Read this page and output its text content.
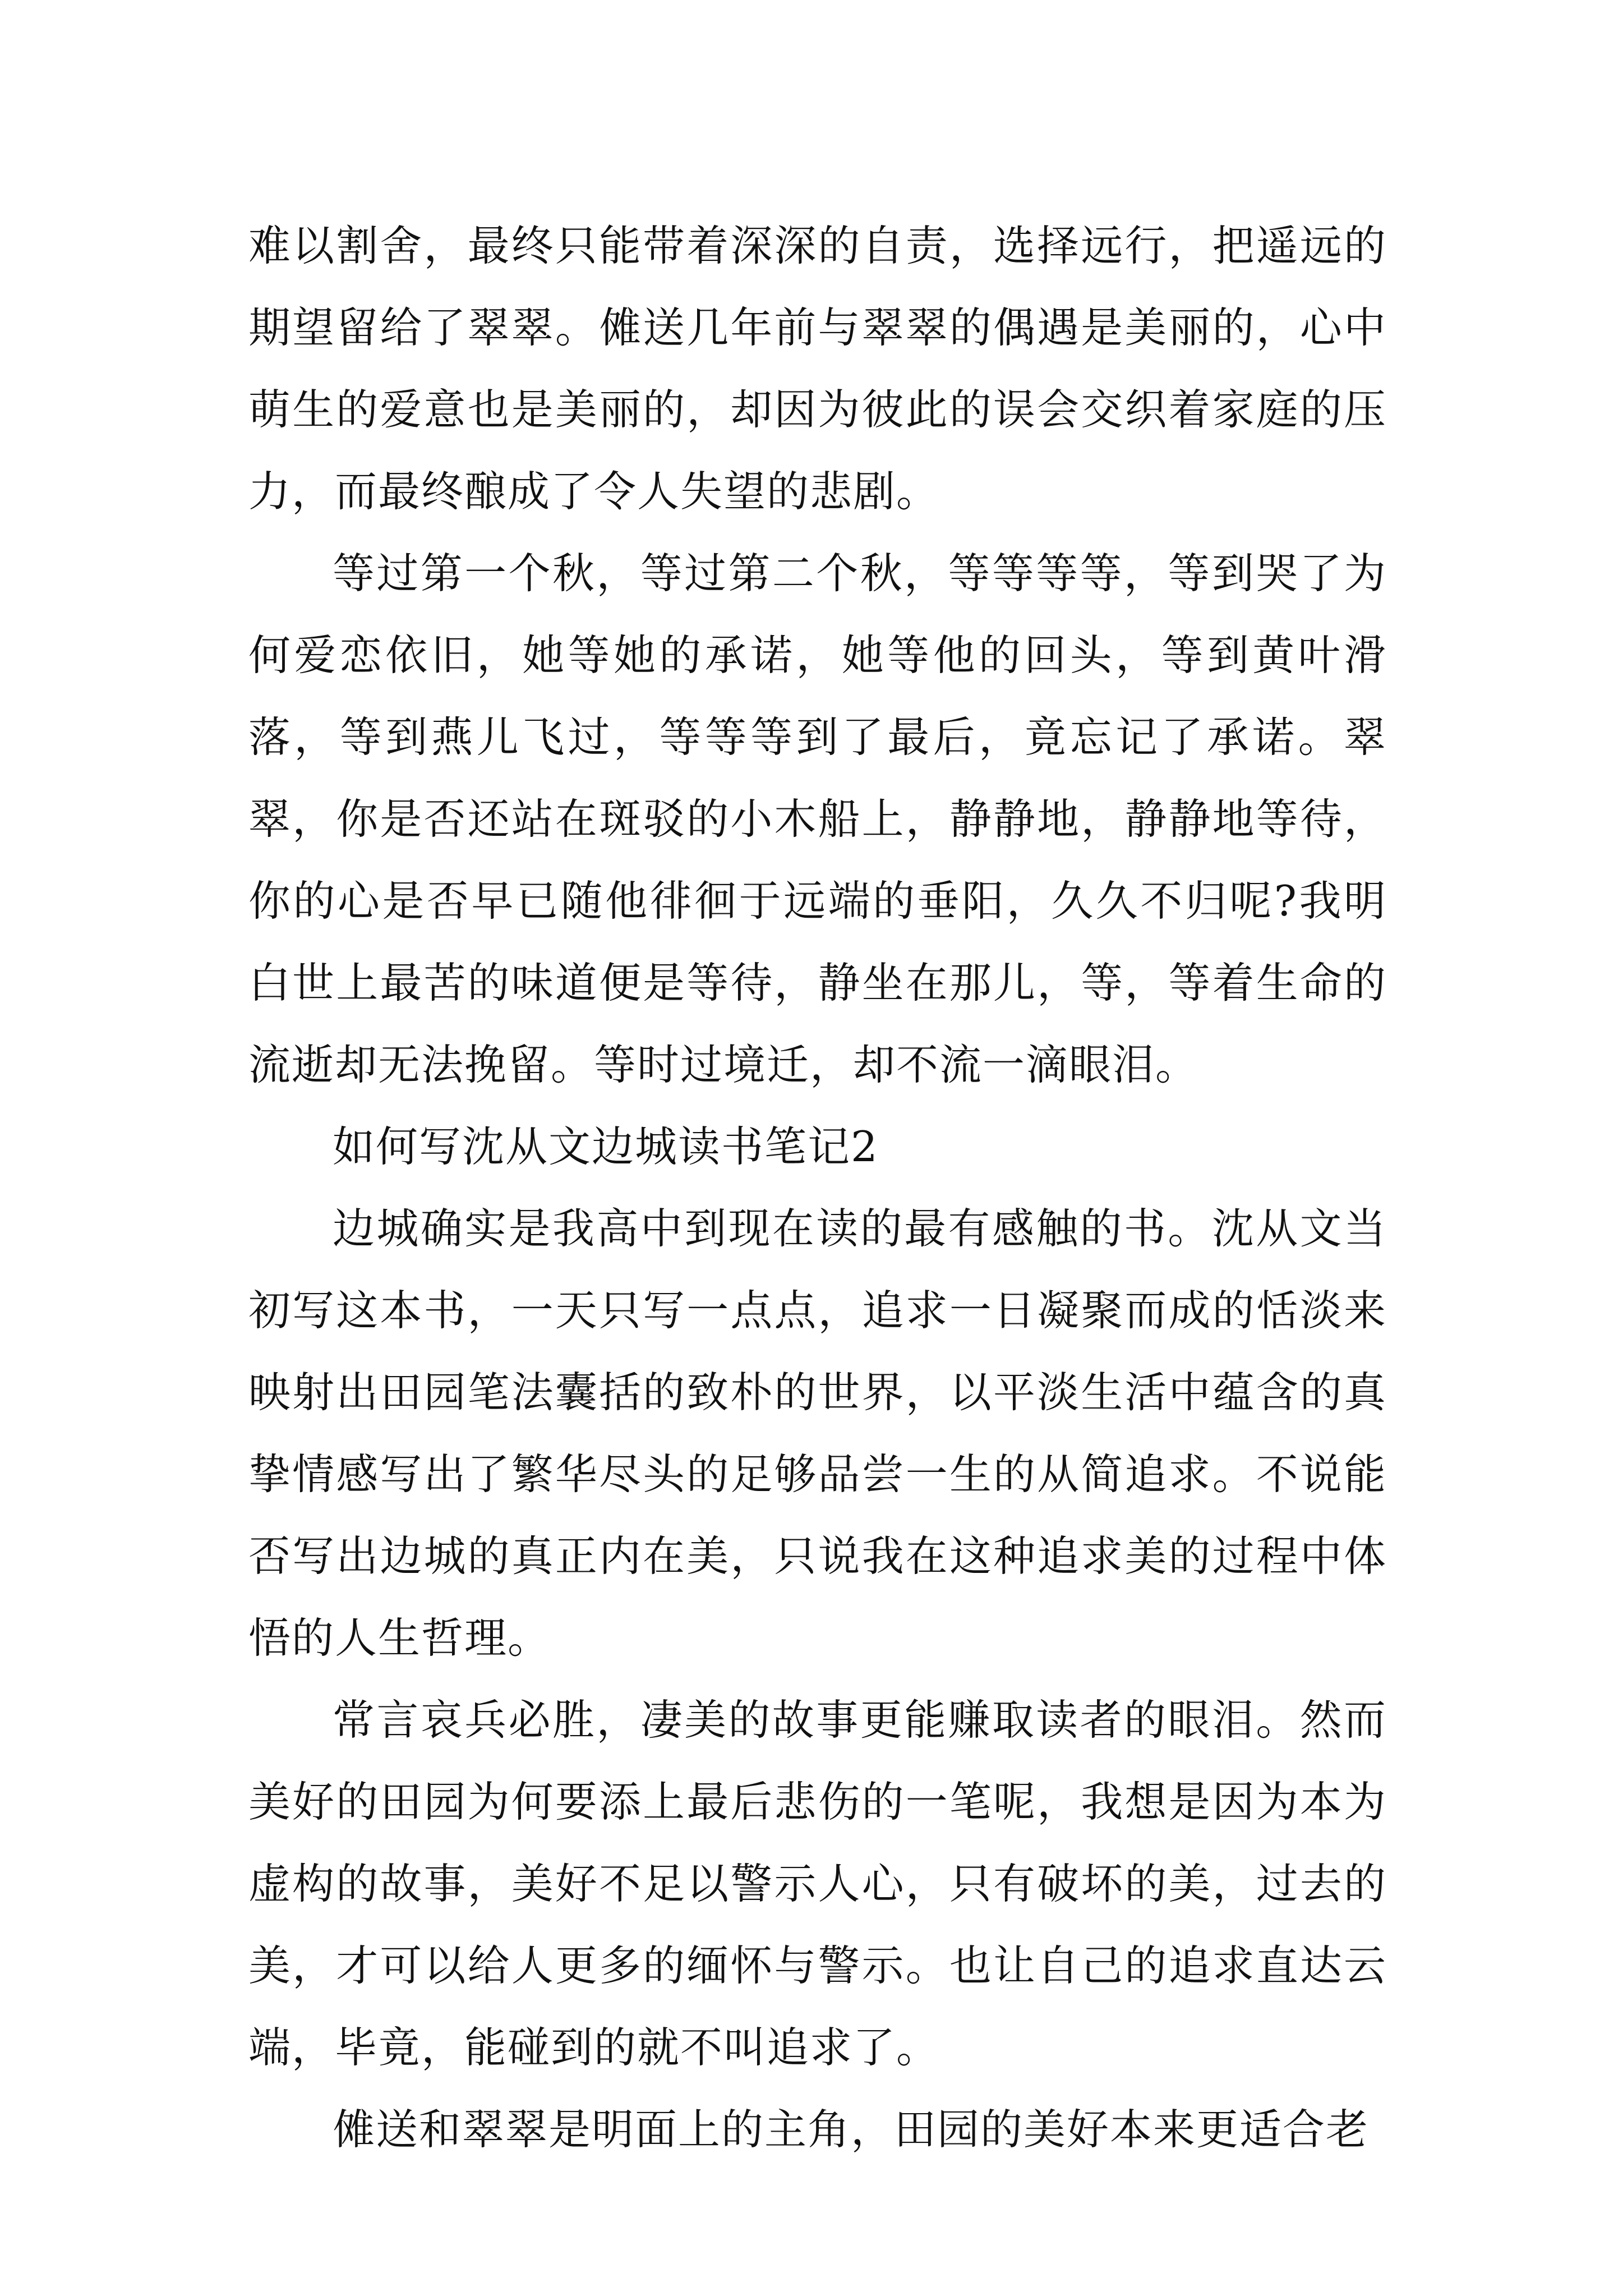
难以割舍，最终只能带着深深的自责，选择远行，把遥远的期望留给了翠翠。傩送几年前与翠翠的偶遇是美丽的，心中萌生的爱意也是美丽的，却因为彼此的误会交织着家庭的压力，而最终酿成了令人失望的悲剧。

等过第一个秋，等过第二个秋，等等等等，等到哭了为何爱恋依旧，她等她的承诺，她等他的回头，等到黄叶滑落，等到燕儿飞过，等等等到了最后，竟忘记了承诺。翠翠，你是否还站在斑驳的小木船上，静静地，静静地等待，你的心是否早已随他徘徊于远端的垂阳，久久不归呢?我明白世上最苦的味道便是等待，静坐在那儿，等，等着生命的流逝却无法挽留。等时过境迁，却不流一滴眼泪。

如何写沈从文边城读书笔记2

边城确实是我高中到现在读的最有感触的书。沈从文当初写这本书，一天只写一点点，追求一日凝聚而成的恬淡来映射出田园笔法囊括的致朴的世界，以平淡生活中蕴含的真挚情感写出了繁华尽头的足够品尝一生的从简追求。不说能否写出边城的真正内在美，只说我在这种追求美的过程中体悟的人生哲理。

常言哀兵必胜，凄美的故事更能赚取读者的眼泪。然而美好的田园为何要添上最后悲伤的一笔呢，我想是因为本为虚构的故事，美好不足以警示人心，只有破坏的美，过去的美，才可以给人更多的缅怀与警示。也让自己的追求直达云端，毕竟，能碰到的就不叫追求了。

傩送和翠翠是明面上的主角，田园的美好本来更适合老
